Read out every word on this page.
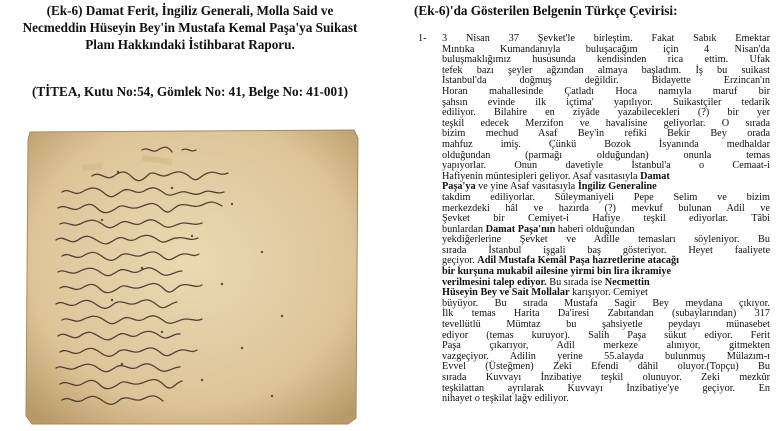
(Ek-6) Damat Ferit, İngiliz Generali, Molla Said ve Necmeddin Hüseyin Bey'in Mustafa Kemal Paşa'ya Suikast Planı Hakkındaki İstihbarat Raporu.

(TİTEA, Kutu No:54, Gömlek No: 41, Belge No: 41-001)

(Ek-6)'da Gösterilen Belgenin Türkçe Çevirisi:
1- 3 Nisan 37 Şevket'le birleştim. Fakat Sabık Emektar
Mıntıka Kumandanıyla buluşacağım için 4 Nisan'da
buluşmaklığımız hususunda kendisinden rica ettim. Ufak
tefek bazı şeyler ağzından almaya başladım. İş bu suikast
İstanbul'da doğmuş değildir. Bidayette Erzincan'ın
Horan mahallesinde Çatladı Hoca namıyla maruf bir
şahsın evinde ilk içtima' yapılıyor. Suikastçiler tedarik
ediliyor. Bilahire en ziyâde yazabilecekleri (?) bir yer
teşkil edecek Merzifon ve havalisine geliyorlar. O sırada
bizim mechud Asaf Bey'in refiki Bekir Bey orada
mahfuz imiş. Çünkü Bozok İsyanında medhaldar
olduğundan (parmağı olduğundan) onunla temas
yapıyorlar. Onun davetiyle İstanbul'a o Cemaat-i
Hafiyenin müntesipleri geliyor. Asaf vasıtasıyla Damat
Paşa'ya ve yine Asaf vasıtasıyla İngiliz Generaline
takdim ediliyorlar. Süleymaniyeli Pepe Selim ve bizim
merkezdeki hâl ve hazırda (?) mevkuf bulunan Adil ve
Şevket bir Cemiyet-i Hafiye teşkil ediyorlar. Tâbi
bunlardan Damat Paşa'nın haberi olduğundan
yekdiğerlerine Şevket ve Adille temasları söyleniyor. Bu
sırada İstanbul işgali baş gösteriyor. Heyet faaliyete
geçiyor. Adil Mustafa Kemâl Paşa hazretlerine atacağı
bir kurşuna mukabil ailesine yirmi bin lira ikramiye
verilmesini talep ediyor. Bu sırada ise Necmettin
Hüseyin Bey ve Sait Mollalar karışıyor. Cemiyet
büyüyor. Bu sırada Mustafa Sagir Bey meydana çıkıyor.
İlk temas Harita Da'iresi Zabıtandan (subaylarından) 317
tevellütlü Mümtaz bu şahsiyetle peydayı münasebet
ediyor (temas kuruyor). Salih Paşa sükut ediyor. Ferit
Paşa çıkarıyor, Adil merkeze alınıyor, gitmekten
vazgeçiyor. Adilin yerine 55.alayda bulunmuş Mülazım-ı
Evvel (Üsteğmen) Zeki Efendi dâhil oluyor.(Topçu) Bu
sırada Kuvvayı İnzibatiye teşkil olunuyor. Zeki mezkûr
teşkilattan ayrılarak Kuvvayı İnzibatiye'ye geçiyor. En
nihayet o teşkilat lağv ediliyor.
